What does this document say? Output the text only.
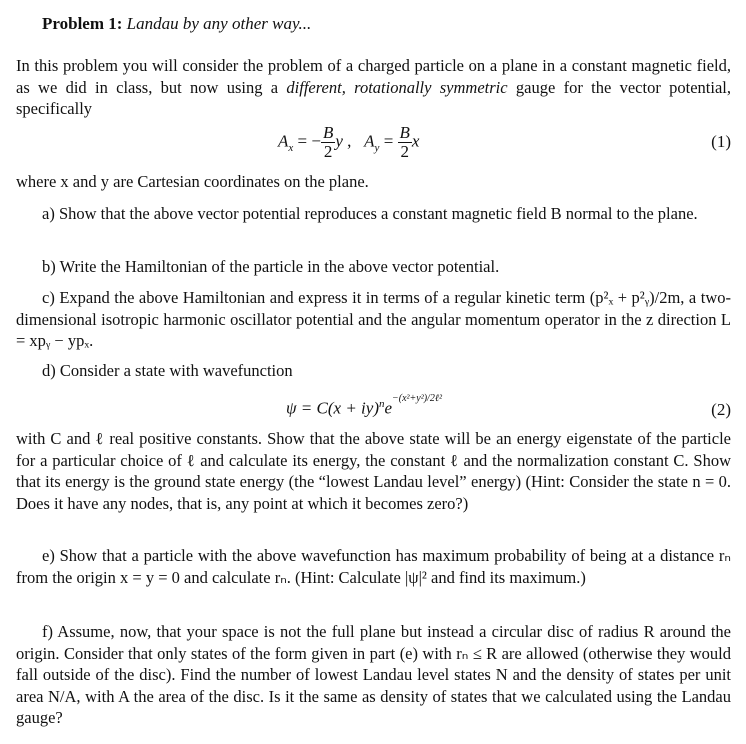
Problem 1: Landau by any other way...
In this problem you will consider the problem of a charged particle on a plane in a constant magnetic field, as we did in class, but now using a different, rotationally symmetric gauge for the vector potential, specifically
$A_x$ = − $\frac{B}{2}$ y , $A_y = \frac{B}{2}$ x	(1)
where x and y are Cartesian coordinates on the plane.
a) Show that the above vector potential reproduces a constant magnetic field B normal to the plane.
b) Write the Hamiltonian of the particle in the above vector potential.
c) Expand the above Hamiltonian and express it in terms of a regular kinetic term (p²ₓ + p²ᵧ)/2m, a two-dimensional isotropic harmonic oscillator potential and the angular momentum operator in the z direction L = xpᵧ − ypₓ.
d) Consider a state with wavefunction
$\psi = C(x + iy)^ne^{-(x^2+y^2)/2\ell^2}$
(2)
with C and ℓ real positive constants. Show that the above state will be an energy eigenstate of the particle for a particular choice of ℓ and calculate its energy, the constant ℓ and the normalization constant C. Show that its energy is the ground state energy (the “lowest Landau level” energy) (Hint: Consider the state n = 0. Does it have any nodes, that is, any point at which it becomes zero?)
e) Show that a particle with the above wavefunction has maximum probability of being at a distance rₙ from the origin x = y = 0 and calculate rₙ. (Hint: Calculate |ψ|² and find its maximum.)
f) Assume, now, that your space is not the full plane but instead a circular disc of radius R around the origin. Consider that only states of the form given in part (e) with rₙ ≤ R are allowed (otherwise they would fall outside of the disc). Find the number of lowest Landau level states N and the density of states per unit area N/A, with A the area of the disc. Is it the same as density of states that we calculated using the Landau gauge?
